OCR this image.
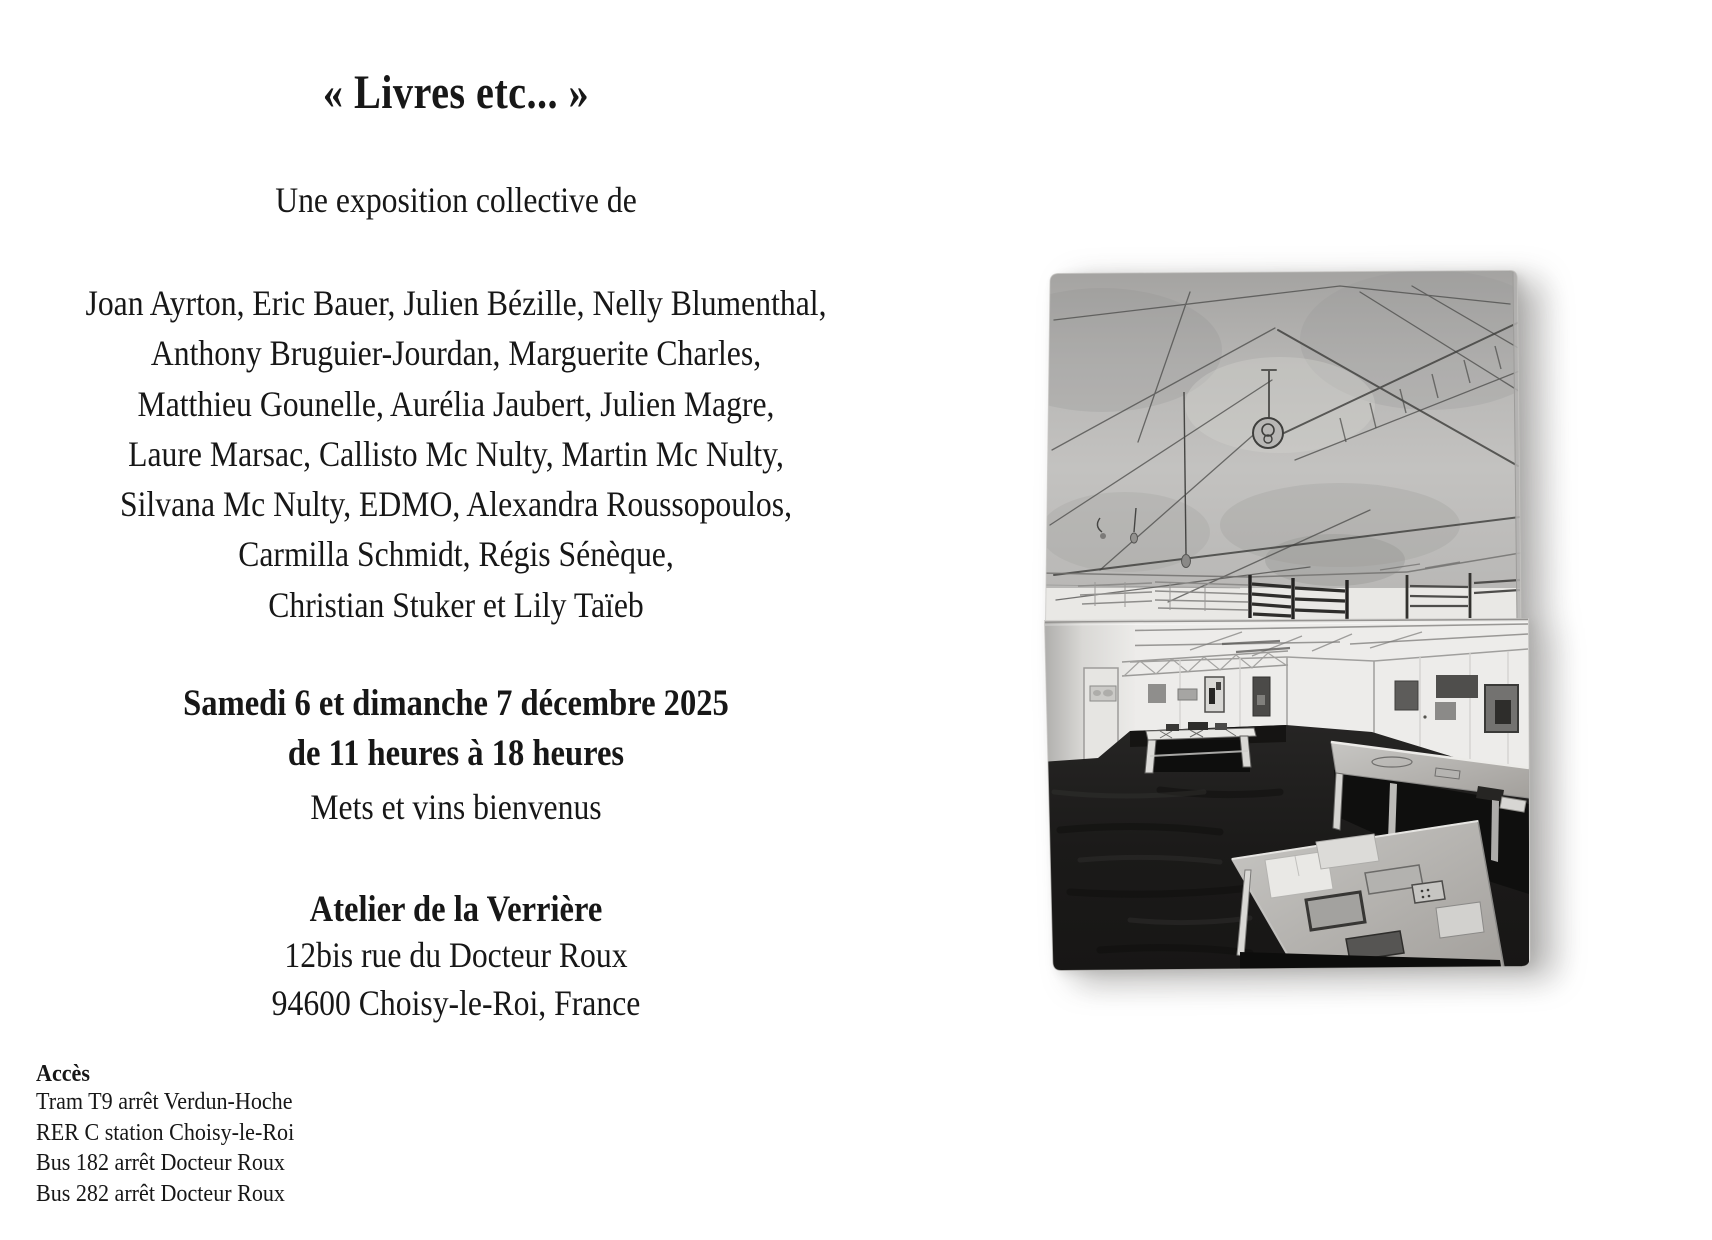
« Livres etc... »
Une exposition collective de
Joan Ayrton, Eric Bauer, Julien Bézille, Nelly Blumenthal,
Anthony Bruguier-Jourdan, Marguerite Charles,
Matthieu Gounelle, Aurélia Jaubert, Julien Magre,
Laure Marsac, Callisto Mc Nulty, Martin Mc Nulty,
Silvana Mc Nulty, EDMO, Alexandra Roussopoulos,
Carmilla Schmidt, Régis Sénèque,
Christian Stuker et Lily Taïeb
Samedi 6 et dimanche 7 décembre 2025
de 11 heures à 18 heures
Mets et vins bienvenus
Atelier de la Verrière
12bis rue du Docteur Roux
94600 Choisy-le-Roi, France
Accès
Tram T9 arrêt Verdun-Hoche
RER C station Choisy-le-Roi
Bus 182 arrêt Docteur Roux
Bus 282 arrêt Docteur Roux
